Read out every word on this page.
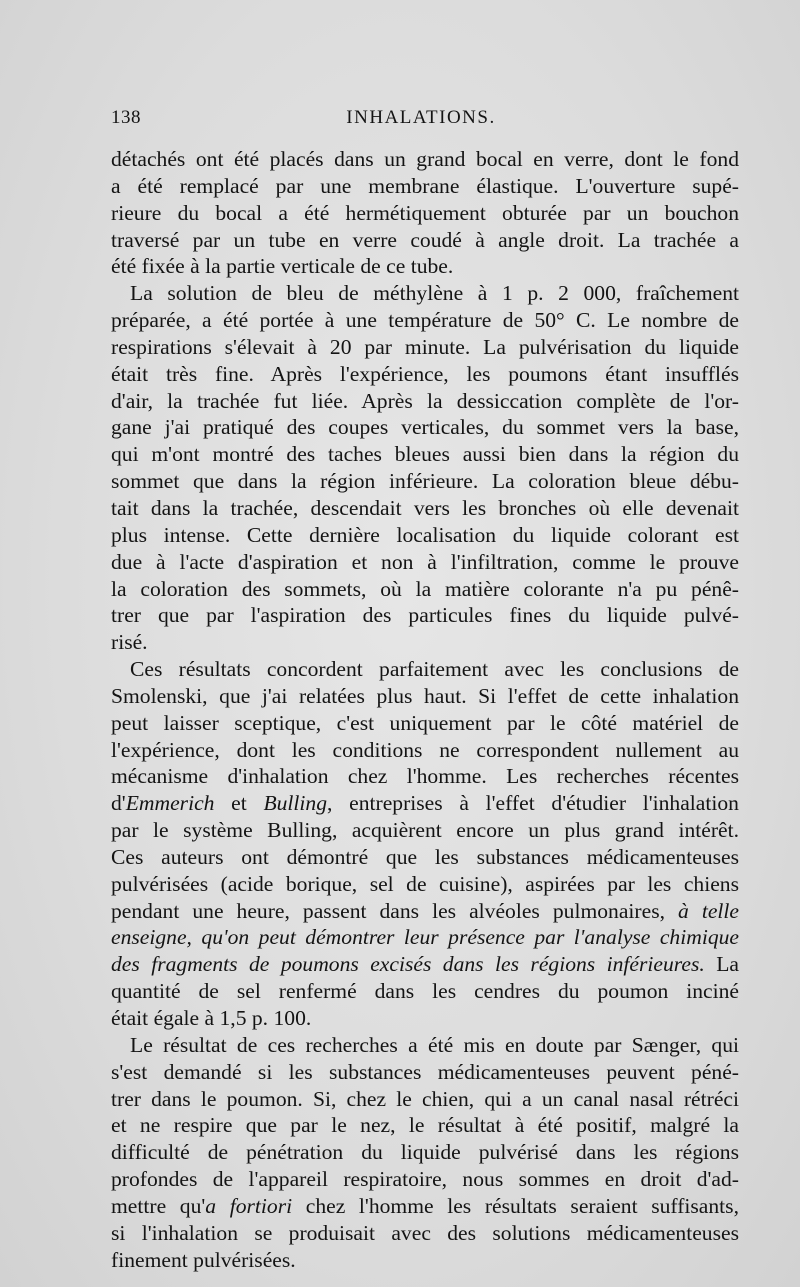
138	INHALATIONS.
détachés ont été placés dans un grand bocal en verre, dont le fond
a été remplacé par une membrane élastique. L'ouverture supé-
rieure du bocal a été hermétiquement obturée par un bouchon
traversé par un tube en verre coudé à angle droit. La trachée a
été fixée à la partie verticale de ce tube.
La solution de bleu de méthylène à 1 p. 2 000, fraîchement
préparée, a été portée à une température de 50° C. Le nombre de
respirations s'élevait à 20 par minute. La pulvérisation du liquide
était très fine. Après l'expérience, les poumons étant insufflés
d'air, la trachée fut liée. Après la dessiccation complète de l'or-
gane j'ai pratiqué des coupes verticales, du sommet vers la base,
qui m'ont montré des taches bleues aussi bien dans la région du
sommet que dans la région inférieure. La coloration bleue débu-
tait dans la trachée, descendait vers les bronches où elle devenait
plus intense. Cette dernière localisation du liquide colorant est
due à l'acte d'aspiration et non à l'infiltration, comme le prouve
la coloration des sommets, où la matière colorante n'a pu pénê-
trer que par l'aspiration des particules fines du liquide pulvé-
risé.
Ces résultats concordent parfaitement avec les conclusions de
Smolenski, que j'ai relatées plus haut. Si l'effet de cette inhalation
peut laisser sceptique, c'est uniquement par le côté matériel de
l'expérience, dont les conditions ne correspondent nullement au
mécanisme d'inhalation chez l'homme. Les recherches récentes
d'Emmerich et Bulling, entreprises à l'effet d'étudier l'inhalation
par le système Bulling, acquièrent encore un plus grand intérêt.
Ces auteurs ont démontré que les substances médicamenteuses
pulvérisées (acide borique, sel de cuisine), aspirées par les chiens
pendant une heure, passent dans les alvéoles pulmonaires, à telle
enseigne, qu'on peut démontrer leur présence par l'analyse chimique
des fragments de poumons excisés dans les régions inférieures. La
quantité de sel renfermé dans les cendres du poumon inciné
était égale à 1,5 p. 100.
Le résultat de ces recherches a été mis en doute par Sænger, qui
s'est demandé si les substances médicamenteuses peuvent péné-
trer dans le poumon. Si, chez le chien, qui a un canal nasal rétréci
et ne respire que par le nez, le résultat à été positif, malgré la
difficulté de pénétration du liquide pulvérisé dans les régions
profondes de l'appareil respiratoire, nous sommes en droit d'ad-
mettre qu'a fortiori chez l'homme les résultats seraient suffisants,
si l'inhalation se produisait avec des solutions médicamenteuses
finement pulvérisées.
